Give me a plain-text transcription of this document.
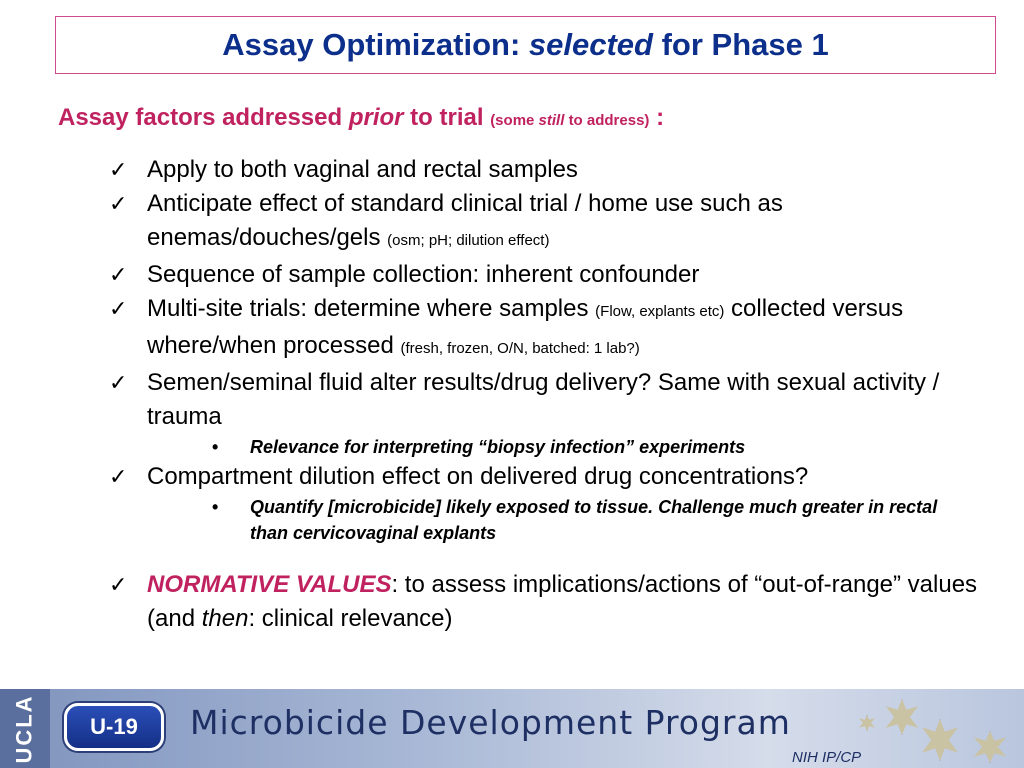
Assay Optimization:
selected
for Phase 1
Assay factors addressed prior to trial (some still to address) :
✓ Apply to both vaginal and rectal samples
✓ Anticipate effect of standard clinical trial / home use such as enemas/douches/gels (osm; pH; dilution effect)
✓ Sequence of sample collection: inherent confounder
✓ Multi-site trials: determine where samples (Flow, explants etc) collected versus where/when processed (fresh, frozen, O/N, batched: 1 lab?)
✓ Semen/seminal fluid alter results/drug delivery? Same with sexual activity / trauma
• Relevance for interpreting “biopsy infection” experiments
✓ Compartment dilution effect on delivered drug concentrations?
• Quantify [microbicide] likely exposed to tissue. Challenge much greater in rectal than cervicovaginal explants
✓ NORMATIVE VALUES: to assess implications/actions of “out-of-range” values (and then: clinical relevance)
UCLA U-19 Microbicide Development Program
NIH IP/CP
